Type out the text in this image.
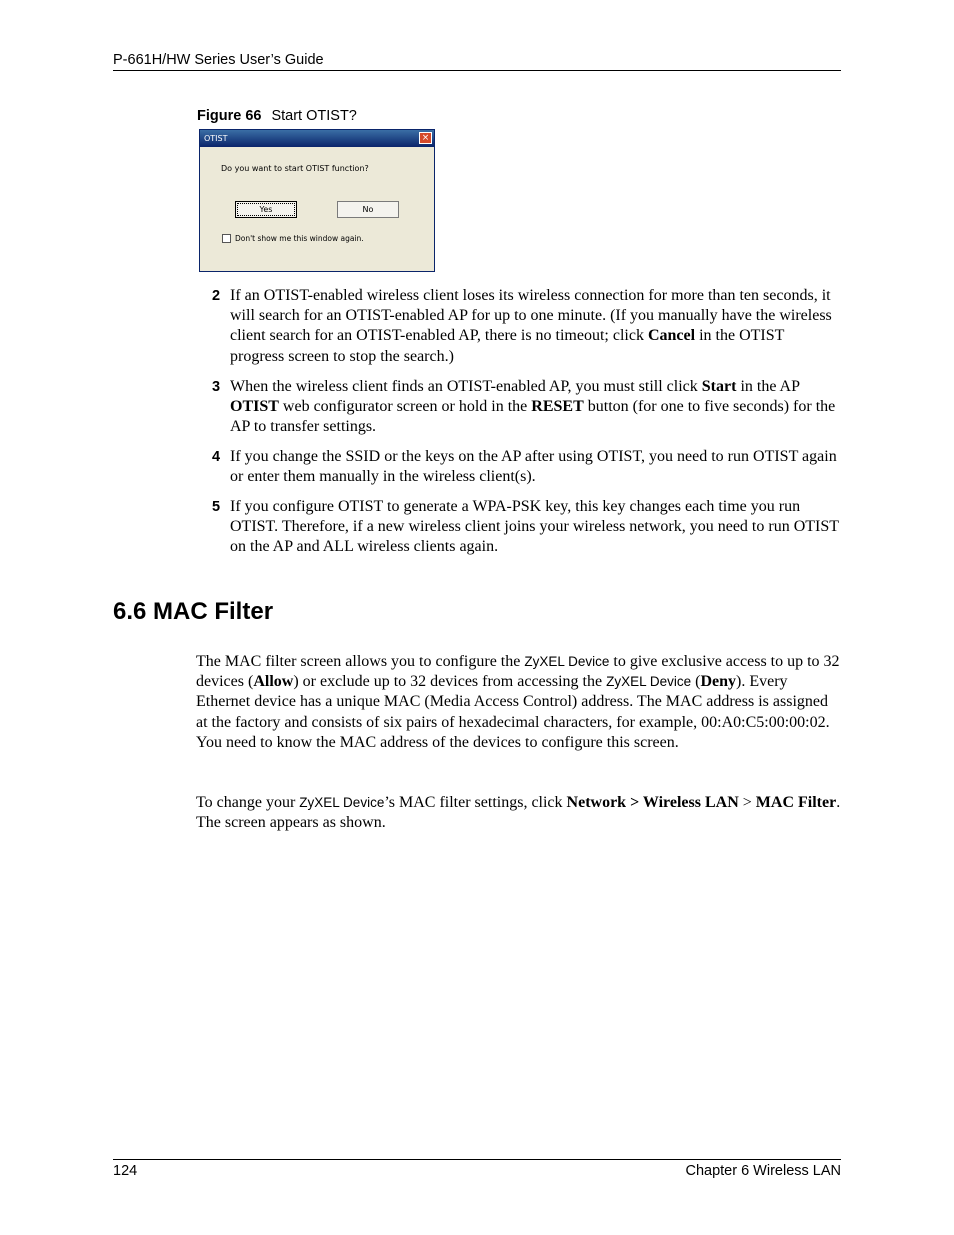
P-661H/HW Series User’s Guide
Figure 66 Start OTIST?
OTIST	×
Do you want to start OTIST function?
Yes	No
Don't show me this window again.
2 If an OTIST-enabled wireless client loses its wireless connection for more than ten seconds, it will search for an OTIST-enabled AP for up to one minute. (If you manually have the wireless client search for an OTIST-enabled AP, there is no timeout; click Cancel in the OTIST progress screen to stop the search.)
3 When the wireless client finds an OTIST-enabled AP, you must still click Start in the AP OTIST web configurator screen or hold in the RESET button (for one to five seconds) for the AP to transfer settings.
4 If you change the SSID or the keys on the AP after using OTIST, you need to run OTIST again or enter them manually in the wireless client(s).
5 If you configure OTIST to generate a WPA-PSK key, this key changes each time you run OTIST. Therefore, if a new wireless client joins your wireless network, you need to run OTIST on the AP and ALL wireless clients again.
6.6 MAC Filter
The MAC filter screen allows you to configure the ZyXEL Device to give exclusive access to up to 32 devices (Allow) or exclude up to 32 devices from accessing the ZyXEL Device (Deny). Every Ethernet device has a unique MAC (Media Access Control) address. The MAC address is assigned at the factory and consists of six pairs of hexadecimal characters, for example, 00:A0:C5:00:00:02. You need to know the MAC address of the devices to configure this screen.
To change your ZyXEL Device’s MAC filter settings, click Network > Wireless LAN > MAC Filter. The screen appears as shown.
124	Chapter 6 Wireless LAN
